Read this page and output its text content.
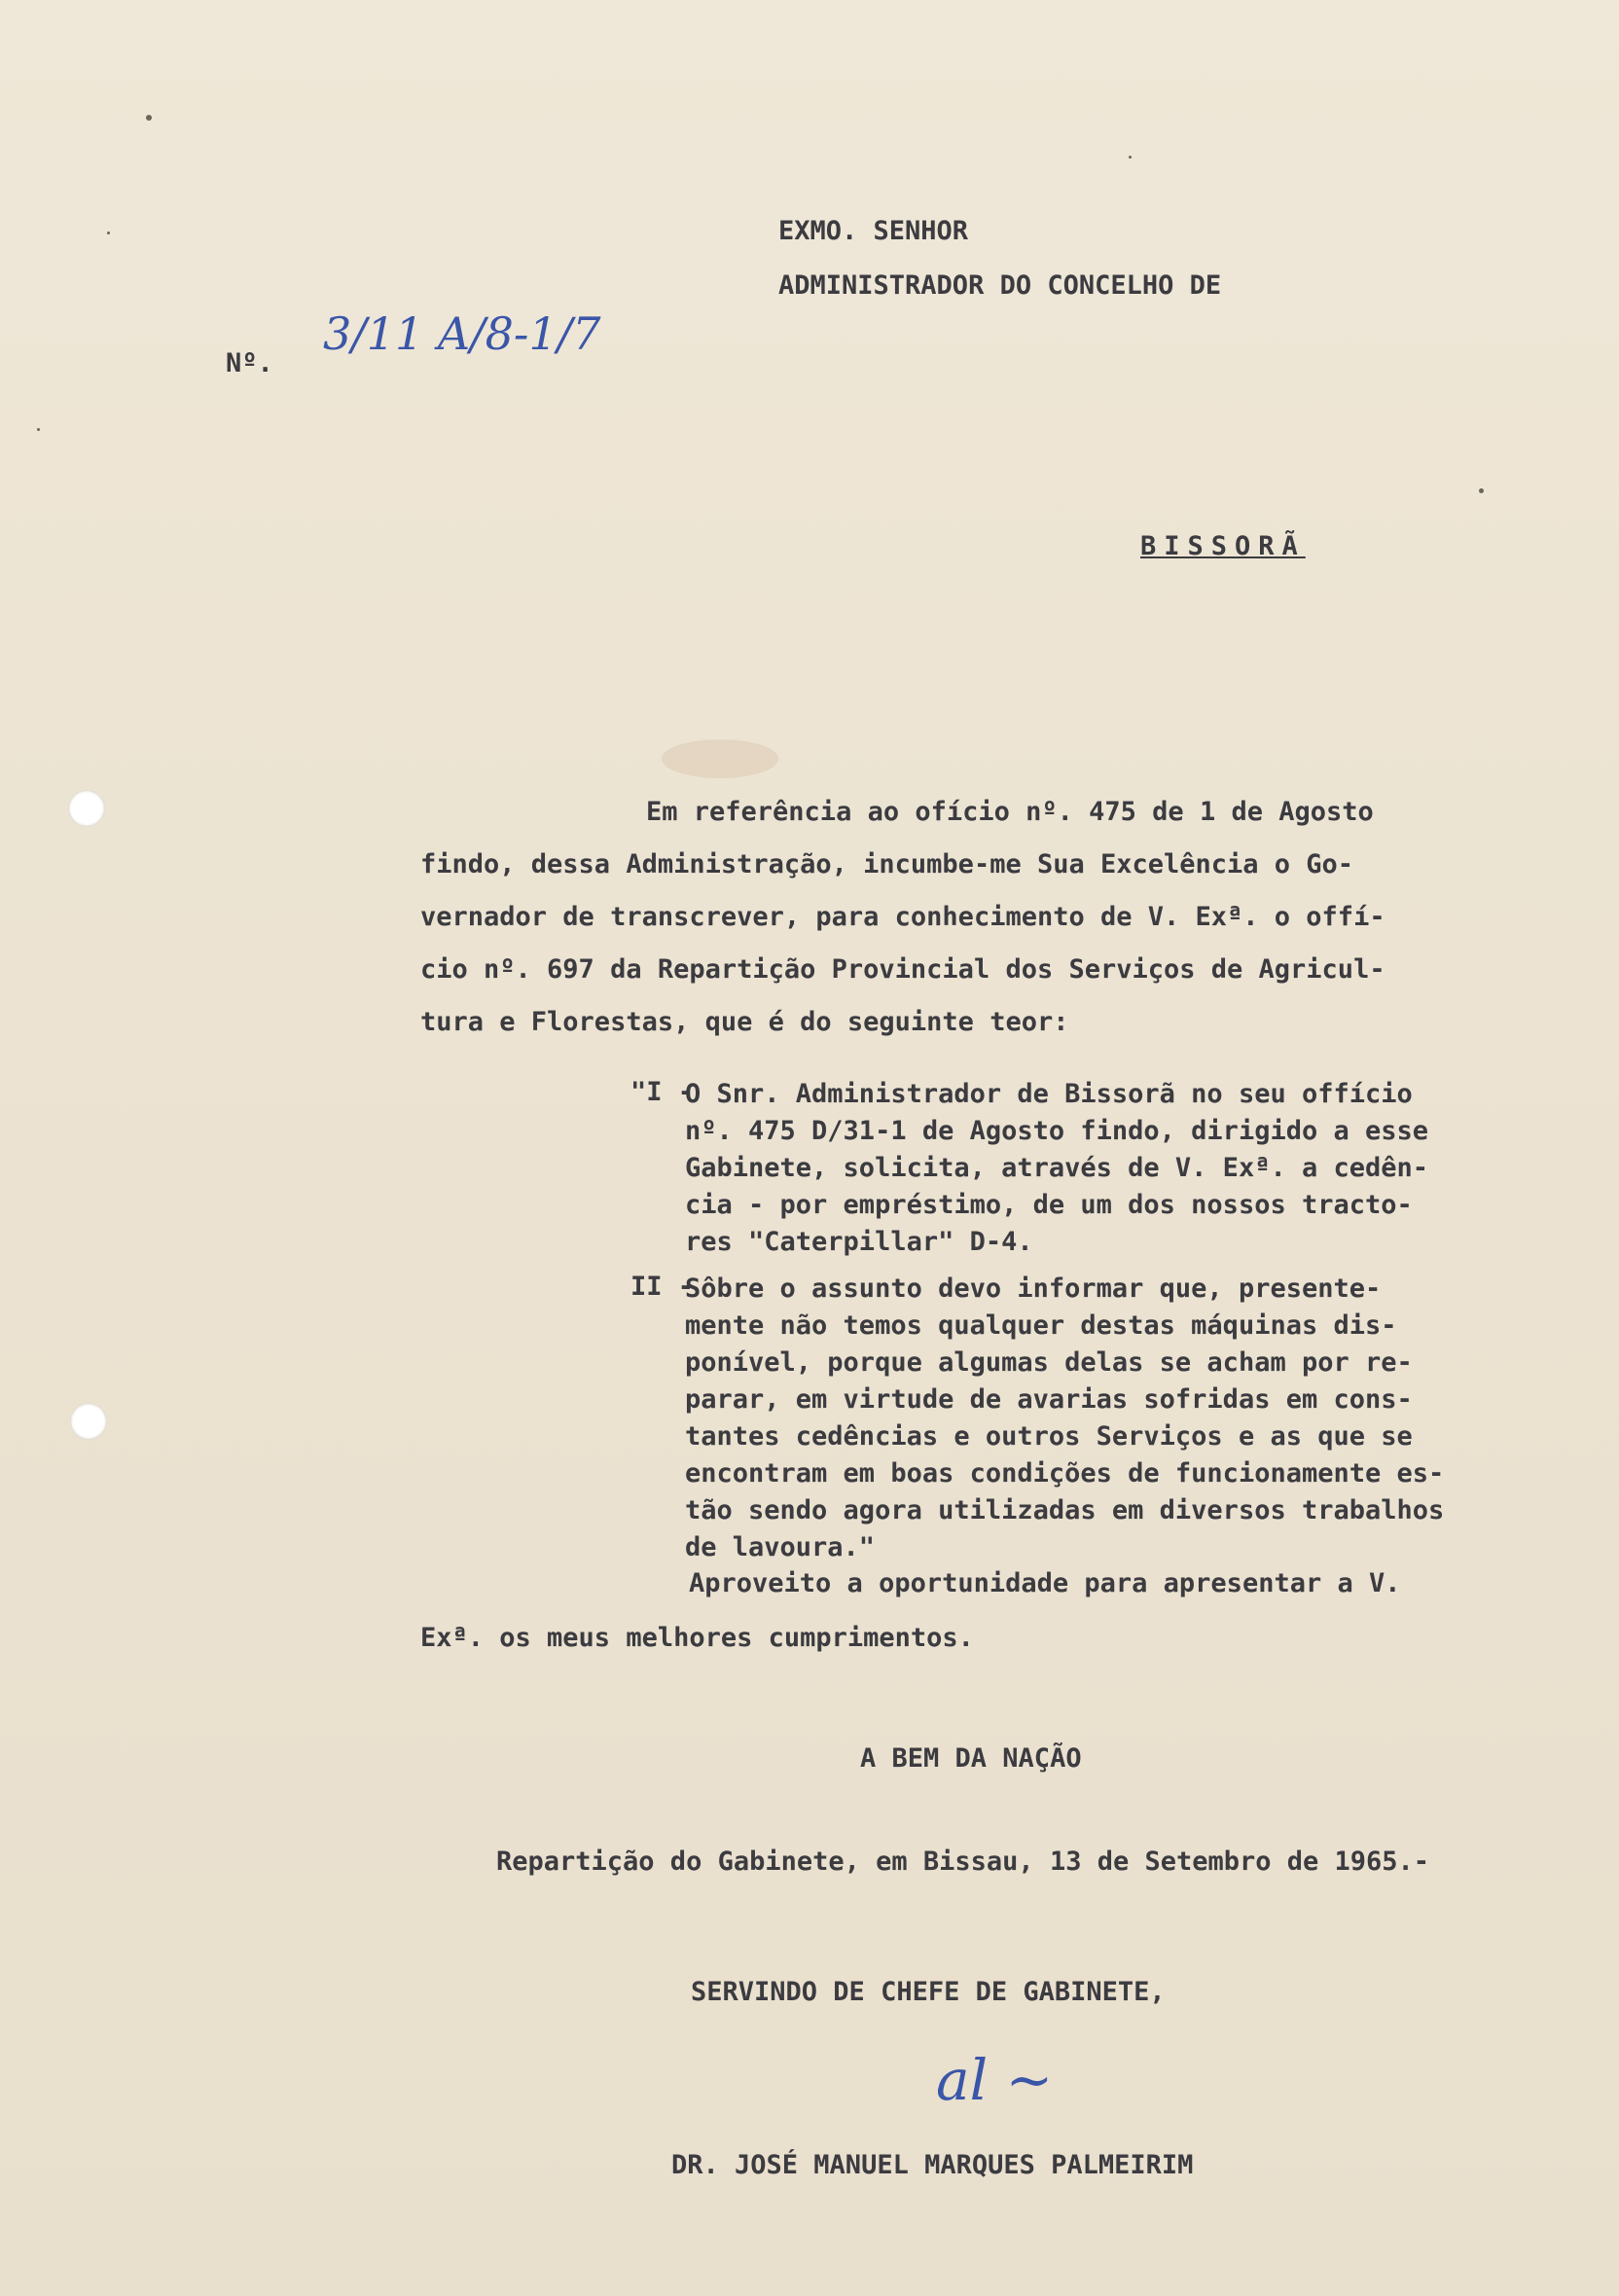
EXMO. SENHOR
ADMINISTRADOR DO CONCELHO DE
Nº.
3/11 A/8-1/7
BISSORÃ
Em referência ao ofício nº. 475 de 1 de Agosto
findo, dessa Administração, incumbe-me Sua Excelência o Go-
vernador de transcrever, para conhecimento de V. Exª. o offí-
cio nº. 697 da Repartição Provincial dos Serviços de Agricul-
tura e Florestas, que é do seguinte teor:
"I -
O Snr. Administrador de Bissorã no seu offício
nº. 475 D/31-1 de Agosto findo, dirigido a esse
Gabinete, solicita, através de V. Exª. a cedên-
cia - por empréstimo, de um dos nossos tracto-
res "Caterpillar" D-4.
II -
Sôbre o assunto devo informar que, presente-
mente não temos qualquer destas máquinas dis-
ponível, porque algumas delas se acham por re-
parar, em virtude de avarias sofridas em cons-
tantes cedências e outros Serviços e as que se
encontram em boas condições de funcionamente es-
tão sendo agora utilizadas em diversos trabalhos
de lavoura."
Aproveito a oportunidade para apresentar a V.
Exª. os meus melhores cumprimentos.
A BEM DA NAÇÃO
Repartição do Gabinete, em Bissau, 13 de Setembro de 1965.-
SERVINDO DE CHEFE DE GABINETE,
al ~
DR. JOSÉ MANUEL MARQUES PALMEIRIM
